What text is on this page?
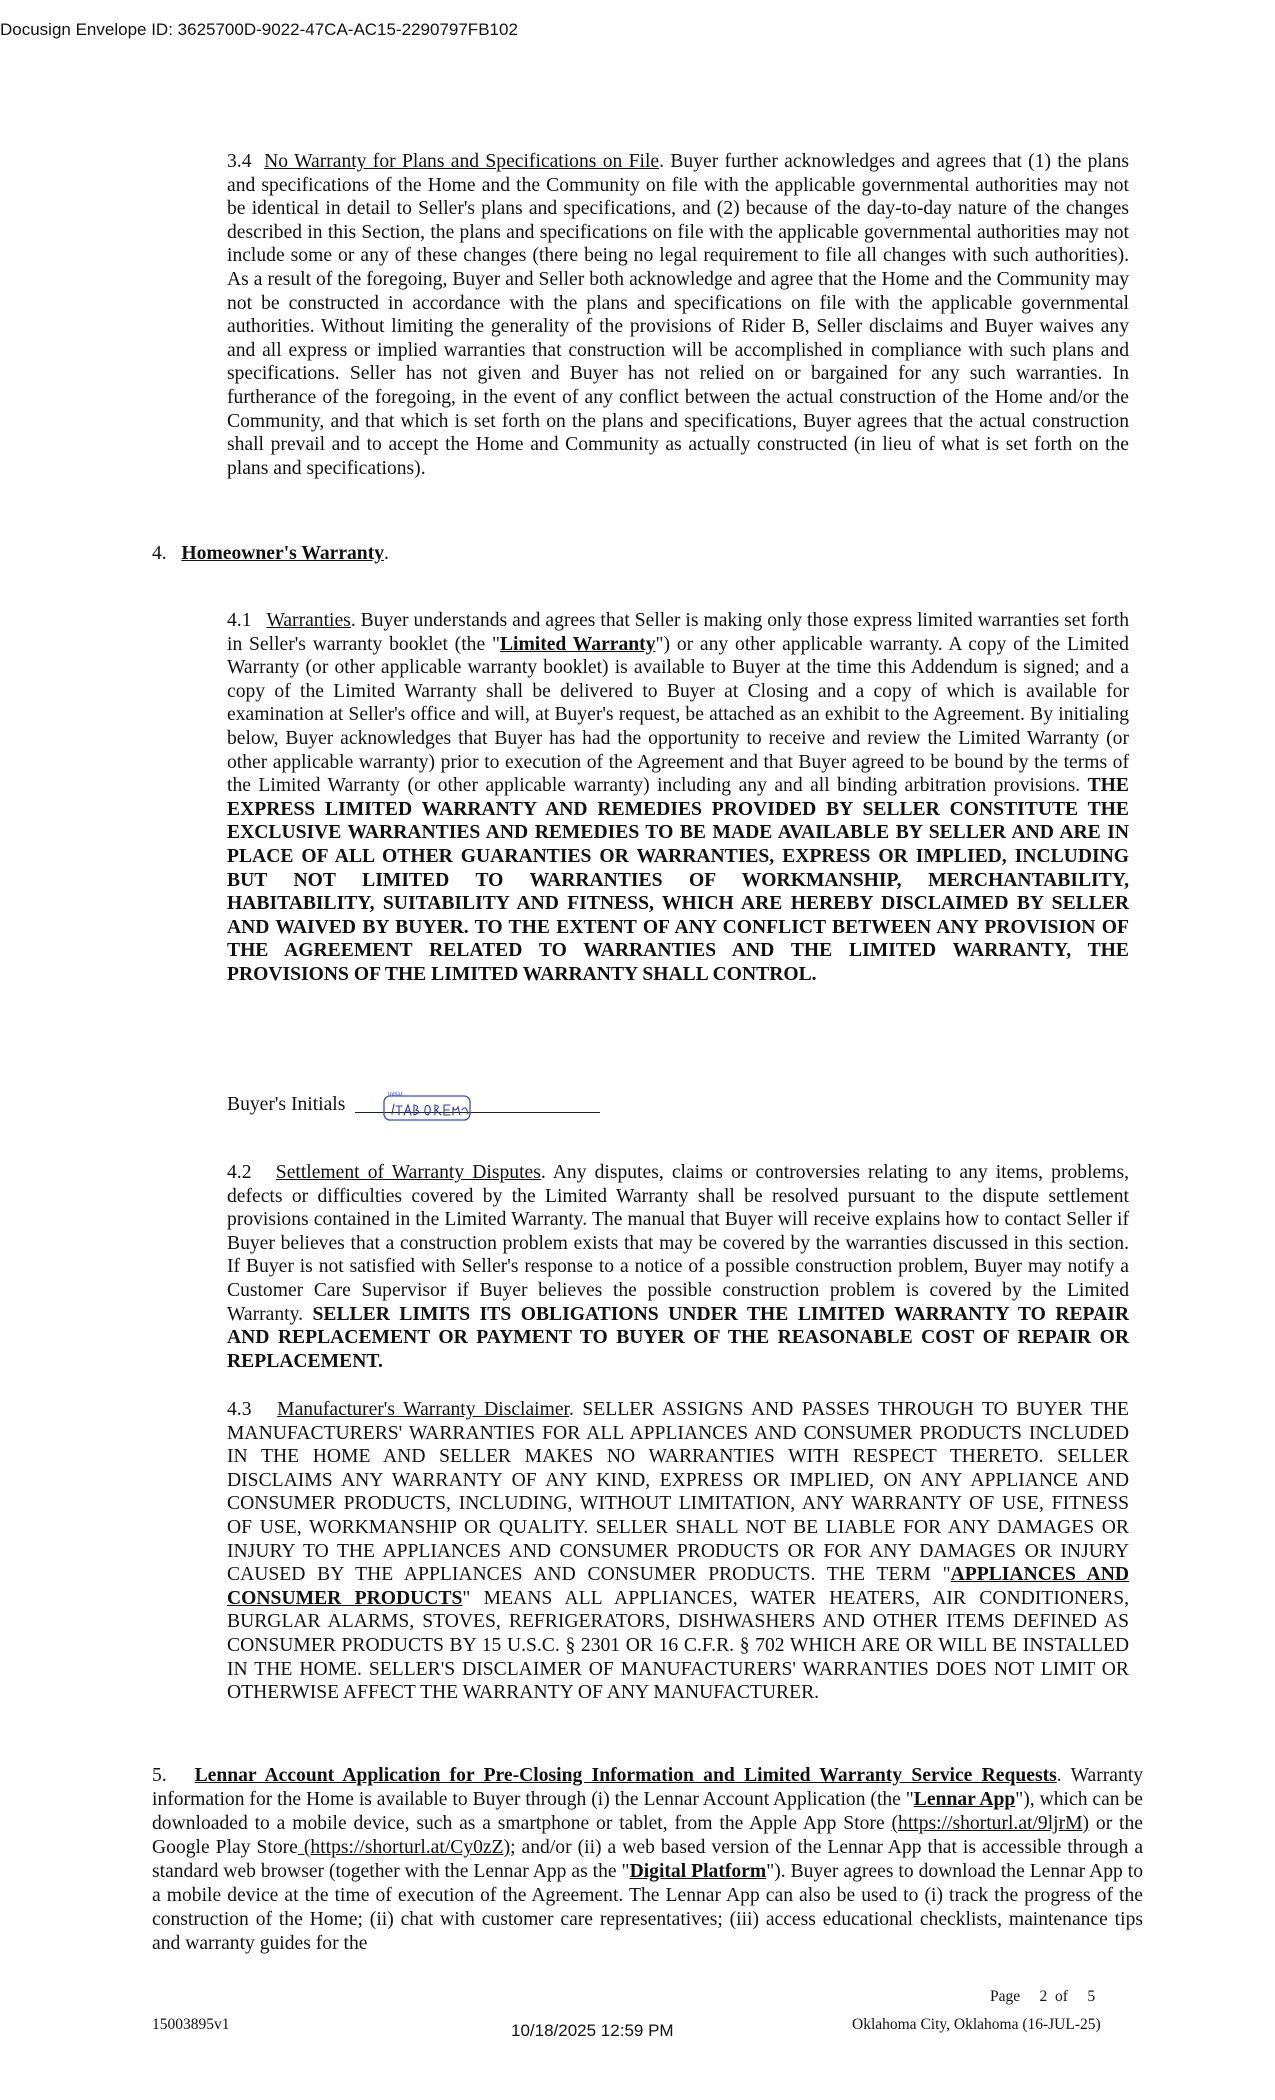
Docusign Envelope ID: 3625700D-9022-47CA-AC15-2290797FB102
3.4 No Warranty for Plans and Specifications on File. Buyer further acknowledges and agrees that (1) the plans and specifications of the Home and the Community on file with the applicable governmental authorities may not be identical in detail to Seller's plans and specifications, and (2) because of the day-to-day nature of the changes described in this Section, the plans and specifications on file with the applicable governmental authorities may not include some or any of these changes (there being no legal requirement to file all changes with such authorities). As a result of the foregoing, Buyer and Seller both acknowledge and agree that the Home and the Community may not be constructed in accordance with the plans and specifications on file with the applicable governmental authorities. Without limiting the generality of the provisions of Rider B, Seller disclaims and Buyer waives any and all express or implied warranties that construction will be accomplished in compliance with such plans and specifications. Seller has not given and Buyer has not relied on or bargained for any such warranties. In furtherance of the foregoing, in the event of any conflict between the actual construction of the Home and/or the Community, and that which is set forth on the plans and specifications, Buyer agrees that the actual construction shall prevail and to accept the Home and Community as actually constructed (in lieu of what is set forth on the plans and specifications).
4. Homeowner's Warranty.
4.1 Warranties. Buyer understands and agrees that Seller is making only those express limited warranties set forth in Seller's warranty booklet (the "Limited Warranty") or any other applicable warranty. A copy of the Limited Warranty (or other applicable warranty booklet) is available to Buyer at the time this Addendum is signed; and a copy of the Limited Warranty shall be delivered to Buyer at Closing and a copy of which is available for examination at Seller's office and will, at Buyer's request, be attached as an exhibit to the Agreement. By initialing below, Buyer acknowledges that Buyer has had the opportunity to receive and review the Limited Warranty (or other applicable warranty) prior to execution of the Agreement and that Buyer agreed to be bound by the terms of the Limited Warranty (or other applicable warranty) including any and all binding arbitration provisions. THE EXPRESS LIMITED WARRANTY AND REMEDIES PROVIDED BY SELLER CONSTITUTE THE EXCLUSIVE WARRANTIES AND REMEDIES TO BE MADE AVAILABLE BY SELLER AND ARE IN PLACE OF ALL OTHER GUARANTIES OR WARRANTIES, EXPRESS OR IMPLIED, INCLUDING BUT NOT LIMITED TO WARRANTIES OF WORKMANSHIP, MERCHANTABILITY, HABITABILITY, SUITABILITY AND FITNESS, WHICH ARE HEREBY DISCLAIMED BY SELLER AND WAIVED BY BUYER. TO THE EXTENT OF ANY CONFLICT BETWEEN ANY PROVISION OF THE AGREEMENT RELATED TO WARRANTIES AND THE LIMITED WARRANTY, THE PROVISIONS OF THE LIMITED WARRANTY SHALL CONTROL.
Buyer's Initials	Initial
4.2 Settlement of Warranty Disputes. Any disputes, claims or controversies relating to any items, problems, defects or difficulties covered by the Limited Warranty shall be resolved pursuant to the dispute settlement provisions contained in the Limited Warranty. The manual that Buyer will receive explains how to contact Seller if Buyer believes that a construction problem exists that may be covered by the warranties discussed in this section. If Buyer is not satisfied with Seller's response to a notice of a possible construction problem, Buyer may notify a Customer Care Supervisor if Buyer believes the possible construction problem is covered by the Limited Warranty. SELLER LIMITS ITS OBLIGATIONS UNDER THE LIMITED WARRANTY TO REPAIR AND REPLACEMENT OR PAYMENT TO BUYER OF THE REASONABLE COST OF REPAIR OR REPLACEMENT.
4.3 Manufacturer's Warranty Disclaimer. SELLER ASSIGNS AND PASSES THROUGH TO BUYER THE MANUFACTURERS' WARRANTIES FOR ALL APPLIANCES AND CONSUMER PRODUCTS INCLUDED IN THE HOME AND SELLER MAKES NO WARRANTIES WITH RESPECT THERETO. SELLER DISCLAIMS ANY WARRANTY OF ANY KIND, EXPRESS OR IMPLIED, ON ANY APPLIANCE AND CONSUMER PRODUCTS, INCLUDING, WITHOUT LIMITATION, ANY WARRANTY OF USE, FITNESS OF USE, WORKMANSHIP OR QUALITY. SELLER SHALL NOT BE LIABLE FOR ANY DAMAGES OR INJURY TO THE APPLIANCES AND CONSUMER PRODUCTS OR FOR ANY DAMAGES OR INJURY CAUSED BY THE APPLIANCES AND CONSUMER PRODUCTS. THE TERM "APPLIANCES AND CONSUMER PRODUCTS" MEANS ALL APPLIANCES, WATER HEATERS, AIR CONDITIONERS, BURGLAR ALARMS, STOVES, REFRIGERATORS, DISHWASHERS AND OTHER ITEMS DEFINED AS CONSUMER PRODUCTS BY 15 U.S.C. § 2301 OR 16 C.F.R. § 702 WHICH ARE OR WILL BE INSTALLED IN THE HOME. SELLER'S DISCLAIMER OF MANUFACTURERS' WARRANTIES DOES NOT LIMIT OR OTHERWISE AFFECT THE WARRANTY OF ANY MANUFACTURER.
5. Lennar Account Application for Pre-Closing Information and Limited Warranty Service Requests. Warranty information for the Home is available to Buyer through (i) the Lennar Account Application (the "Lennar App"), which can be downloaded to a mobile device, such as a smartphone or tablet, from the Apple App Store (https://shorturl.at/9ljrM) or the Google Play Store (https://shorturl.at/Cy0zZ); and/or (ii) a web based version of the Lennar App that is accessible through a standard web browser (together with the Lennar App as the "Digital Platform"). Buyer agrees to download the Lennar App to a mobile device at the time of execution of the Agreement. The Lennar App can also be used to (i) track the progress of the construction of the Home; (ii) chat with customer care representatives; (iii) access educational checklists, maintenance tips and warranty guides for the
Page 2 of 5
15003895v1	10/18/2025 12:59 PM	Oklahoma City, Oklahoma (16-JUL-25)
